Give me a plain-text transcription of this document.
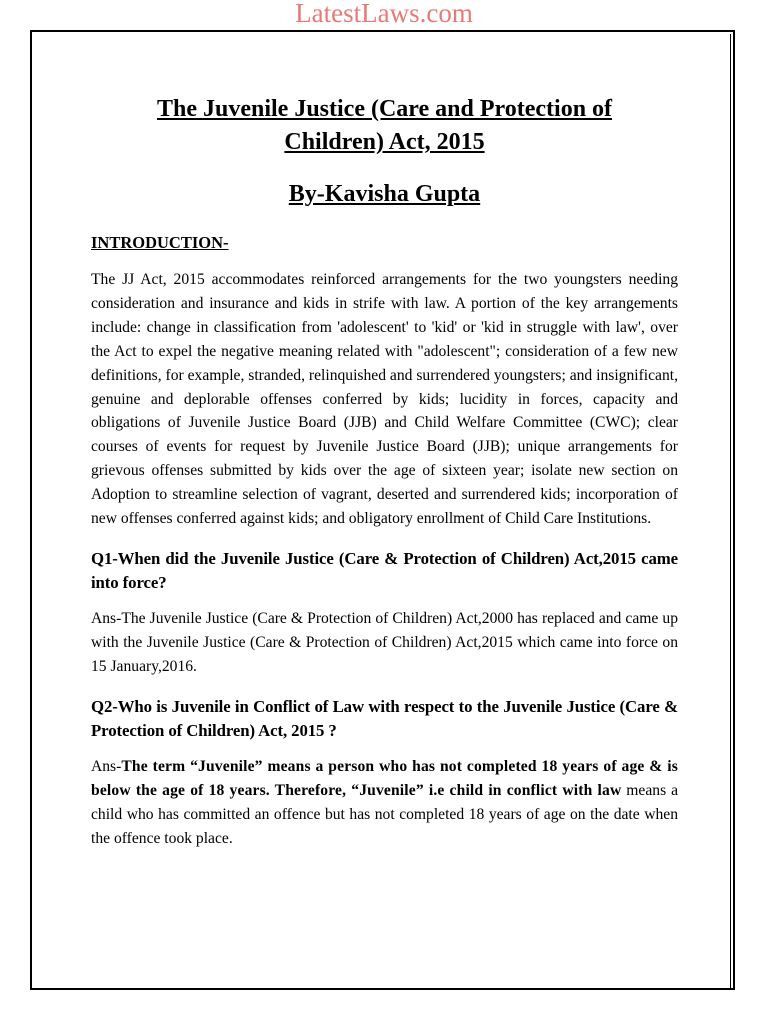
LatestLaws.com
The Juvenile Justice (Care and Protection of
Children) Act, 2015
By-Kavisha Gupta
INTRODUCTION-

The JJ Act, 2015 accommodates reinforced arrangements for the two youngsters needing consideration and insurance and kids in strife with law. A portion of the key arrangements include: change in classification from 'adolescent' to 'kid' or 'kid in struggle with law', over the Act to expel the negative meaning related with "adolescent"; consideration of a few new definitions, for example, stranded, relinquished and surrendered youngsters; and insignificant, genuine and deplorable offenses conferred by kids; lucidity in forces, capacity and obligations of Juvenile Justice Board (JJB) and Child Welfare Committee (CWC); clear courses of events for request by Juvenile Justice Board (JJB); unique arrangements for grievous offenses submitted by kids over the age of sixteen year; isolate new section on Adoption to streamline selection of vagrant, deserted and surrendered kids; incorporation of new offenses conferred against kids; and obligatory enrollment of Child Care Institutions.

Q1-When did the Juvenile Justice (Care & Protection of Children) Act,2015 came into force?

Ans-The Juvenile Justice (Care & Protection of Children) Act,2000 has replaced and came up with the Juvenile Justice (Care & Protection of Children) Act,2015 which came into force on 15 January,2016.

Q2-Who is Juvenile in Conflict of Law with respect to the Juvenile Justice (Care & Protection of Children) Act, 2015 ?

Ans-The term “Juvenile” means a person who has not completed 18 years of age & is below the age of 18 years. Therefore, “Juvenile” i.e child in conflict with law means a child who has committed an offence but has not completed 18 years of age on the date when the offence took place.
